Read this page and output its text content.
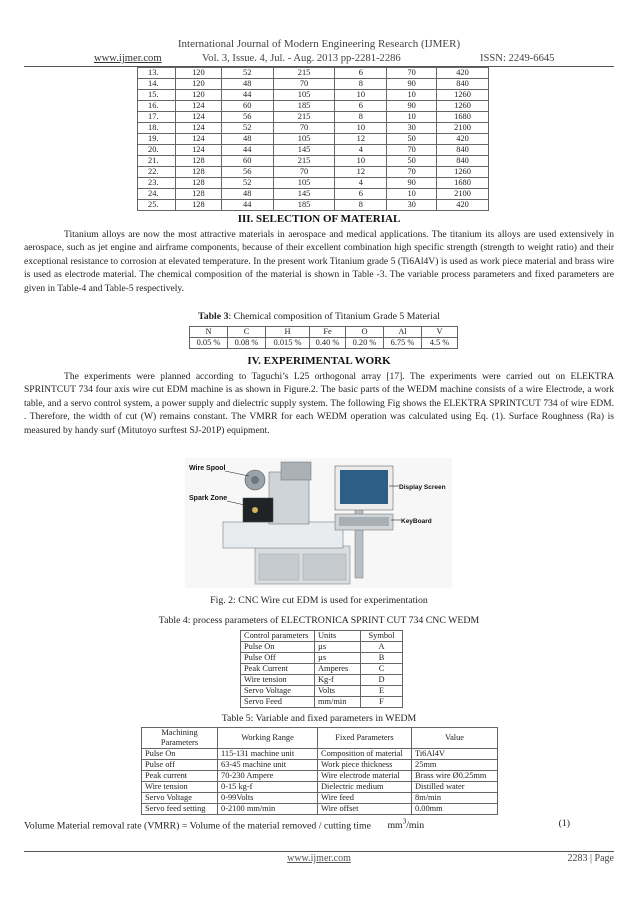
International Journal of Modern Engineering Research (IJMER)
www.ijmer.com	Vol. 3, Issue. 4, Jul. - Aug. 2013 pp-2281-2286	ISSN: 2249-6645
13.	120	52	215	6	70	420
14.	120	48	70	8	90	840
15.	120	44	105	10	10	1260
16.	124	60	185	6	90	1260
17.	124	56	215	8	10	1680
18.	124	52	70	10	30	2100
19.	124	48	105	12	50	420
20.	124	44	145	4	70	840
21.	128	60	215	10	50	840
22.	128	56	70	12	70	1260
23.	128	52	105	4	90	1680
24.	128	48	145	6	10	2100
25.	128	44	185	8	30	420
III. SELECTION OF MATERIAL

Titanium alloys are now the most attractive materials in aerospace and medical applications. The titanium its alloys are used extensively in aerospace, such as jet engine and airframe components, because of their excellent combination high specific strength (strength to weight ratio) and their exceptional resistance to corrosion at elevated temperature. In the present work Titanium grade 5 (Ti6Al4V) is used as work piece material and brass wire is used as electrode material. The chemical composition of the material is shown in Table -3. The variable process parameters and fixed parameters are given in Table-4 and Table-5 respectively.

Table 3: Chemical composition of Titanium Grade 5 Material
N	C	H	Fe	O	Al	V
0.05 %	0.08 %	0.015 %	0.40 %	0.20 %	6.75 %	4.5 %
IV. EXPERIMENTAL WORK

The experiments were planned according to Taguchi’s L25 orthogonal array [17]. The experiments were carried out on ELEKTRA SPRINTCUT 734 four axis wire cut EDM machine is as shown in Figure.2. The basic parts of the WEDM machine consists of a wire Electrode, a work table, and a servo control system, a power supply and dielectric supply system. The following Fig shows the ELEKTRA SPRINTCUT 734 of wire EDM. . Therefore, the width of cut (W) remains constant. The VMRR for each WEDM operation was calculated using Eq. (1). Surface Roughness (Ra) is measured by handy surf (Mitutoyo surftest SJ-201P) equipment.

Wire Spool
Spark Zone
Display Screen
KeyBoard
Fig. 2: CNC Wire cut EDM is used for experimentation
Table 4: process parameters of ELECTRONICA SPRINT CUT 734 CNC WEDM
Control parameters	Units	Symbol
Pulse On	µs	A
Pulse Off	µs	B
Peak Current	Amperes	C
Wire tension	Kg-f	D
Servo Voltage	Volts	E
Servo Feed	mm/min	F
Table 5: Variable and fixed parameters in WEDM
Machining Parameters	Working Range	Fixed Parameters	Value
Pulse On	115-131 machine unit	Composition of material	Ti6Al4V
Pulse off	63-45 machine unit	Work piece thickness	25mm
Peak current	70-230 Ampere	Wire electrode material	Brass wire Ø0.25mm
Wire tension	0-15 kg-f	Dielectric medium	Distilled water
Servo Voltage	0-99Volts	Wire feed	8m/min
Servo feed setting	0-2100 mm/min	Wire offset	0.00mm
Volume Material removal rate (VMRR) = Volume of the material removed / cutting time $mm^3/\min$	(1)
www.ijmer.com	2283 | Page
